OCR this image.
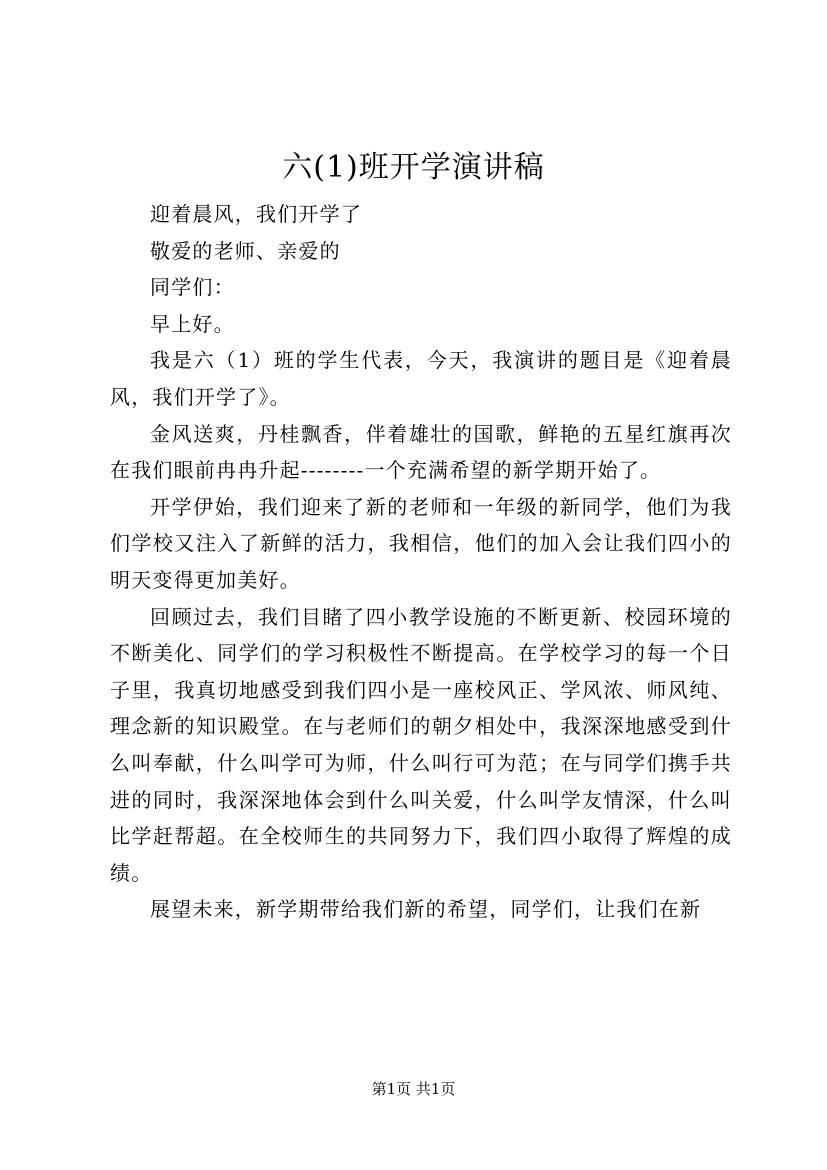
六(1)班开学演讲稿

迎着晨风，我们开学了

敬爱的老师、亲爱的

同学们：

早上好。

我是六（1）班的学生代表，今天，我演讲的题目是《迎着晨风，我们开学了》。

金风送爽，丹桂飘香，伴着雄壮的国歌，鲜艳的五星红旗再次在我们眼前冉冉升起--------一个充满希望的新学期开始了。

开学伊始，我们迎来了新的老师和一年级的新同学，他们为我们学校又注入了新鲜的活力，我相信，他们的加入会让我们四小的明天变得更加美好。

回顾过去，我们目睹了四小教学设施的不断更新、校园环境的不断美化、同学们的学习积极性不断提高。在学校学习的每一个日子里，我真切地感受到我们四小是一座校风正、学风浓、师风纯、理念新的知识殿堂。在与老师们的朝夕相处中，我深深地感受到什么叫奉献，什么叫学可为师，什么叫行可为范；在与同学们携手共进的同时，我深深地体会到什么叫关爱，什么叫学友情深，什么叫比学赶帮超。在全校师生的共同努力下，我们四小取得了辉煌的成绩。

展望未来，新学期带给我们新的希望，同学们，让我们在新

第1页 共1页
